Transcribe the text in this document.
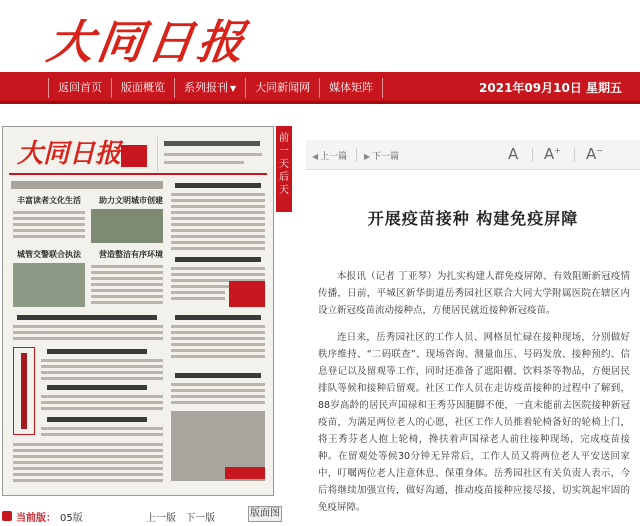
大同日报
返回首页	版面概览	系列报刊 ▼	大同新闻网	媒体矩阵	2021年09月10日 星期五
大同日报
丰富读者文化生活 助力文明城市创建
城管交警联合执法 营造整洁有序环境
前
一
天
后
天
当前版： 05版	上一版 下一版	版面图
◀ 上一篇 ▶ 下一篇	A A+ A−
开展疫苗接种 构建免疫屏障

本报讯（记者 丁亚琴）为扎实构建人群免疫屏障、有效阻断新冠疫情传播，日前，平城区新华街道岳秀园社区联合大同大学附属医院在辖区内设立新冠疫苗流动接种点，方便居民就近接种新冠疫苗。

连日来，岳秀园社区的工作人员、网格员忙碌在接种现场，分别做好秩序维持、“二码联查”、现场咨询、测量血压、号码发放、接种预约、信息登记以及留观等工作，同时还准备了遮阳棚、饮料茶等物品，方便居民排队等候和接种后留观。社区工作人员在走访疫苗接种的过程中了解到，88岁高龄的居民声国禄和王秀芬因腿脚不便，一直未能前去医院接种新冠疫苗，为满足两位老人的心愿，社区工作人员推着轮椅备好的轮椅上门，将王秀芬老人抱上轮椅，搀扶着声国禄老人前往接种现场，完成疫苗接种。在留观处等候30分钟无异常后，工作人员又将两位老人平安送回家中，叮嘱两位老人注意休息、保重身体。岳秀园社区有关负责人表示，今后将继续加强宣传，做好沟通，推动疫苗接种应接尽接，切实筑起牢固的免疫屏障。
